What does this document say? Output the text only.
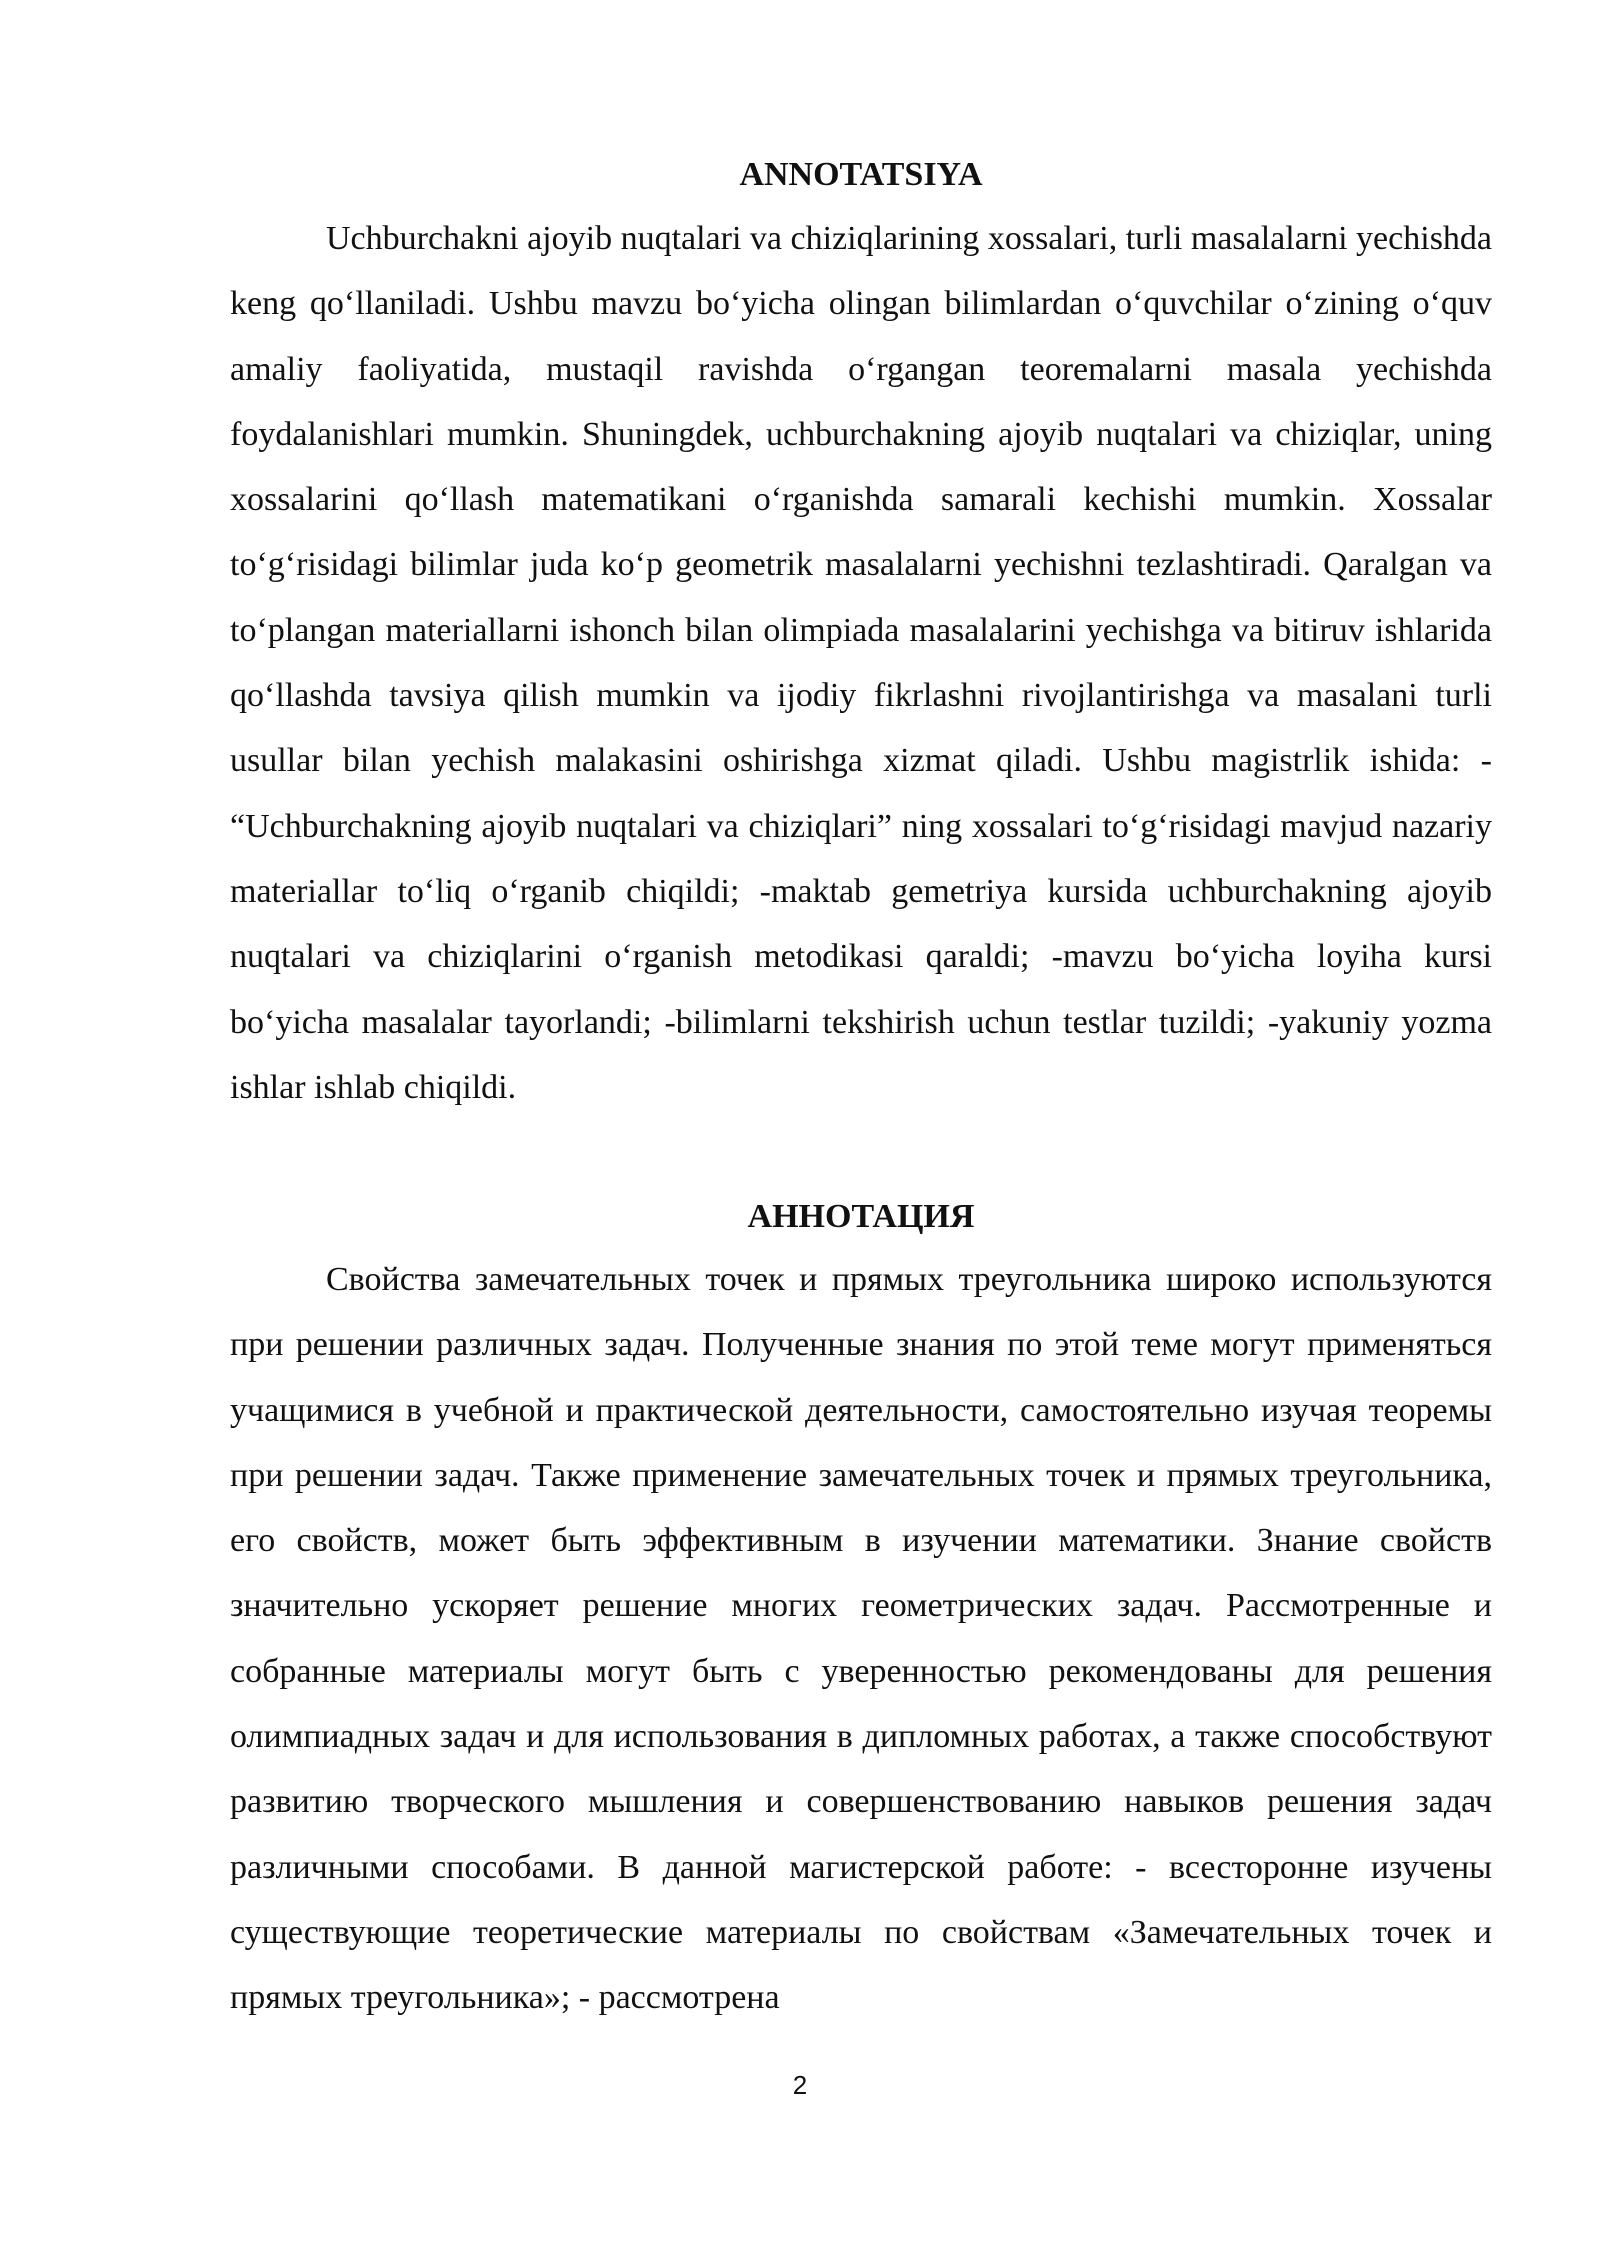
ANNOTATSIYA

Uchburchakni ajoyib nuqtalari va chiziqlarining xossalari, turli masalalarni yechishda keng qo‘llaniladi. Ushbu mavzu bo‘yicha olingan bilimlardan o‘quvchilar o‘zining o‘quv amaliy faoliyatida, mustaqil ravishda o‘rgangan teoremalarni masala yechishda foydalanishlari mumkin. Shuningdek, uchburchakning ajoyib nuqtalari va chiziqlar, uning xossalarini qo‘llash matematikani o‘rganishda samarali kechishi mumkin. Xossalar to‘g‘risidagi bilimlar juda ko‘p geometrik masalalarni yechishni tezlashtiradi. Qaralgan va to‘plangan materiallarni ishonch bilan olimpiada masalalarini yechishga va bitiruv ishlarida qo‘llashda tavsiya qilish mumkin va ijodiy fikrlashni rivojlantirishga va masalani turli usullar bilan yechish malakasini oshirishga xizmat qiladi. Ushbu magistrlik ishida: - “Uchburchakning ajoyib nuqtalari va chiziqlari” ning xossalari to‘g‘risidagi mavjud nazariy materiallar to‘liq o‘rganib chiqildi; -maktab gemetriya kursida uchburchakning ajoyib nuqtalari va chiziqlarini o‘rganish metodikasi qaraldi; -mavzu bo‘yicha loyiha kursi bo‘yicha masalalar tayorlandi; -bilimlarni tekshirish uchun testlar tuzildi; -yakuniy yozma ishlar ishlab chiqildi.

АННОТАЦИЯ

Свойства замечательных точек и прямых треугольника широко используются при решении различных задач. Полученные знания по этой теме могут применяться учащимися в учебной и практической деятельности, самостоятельно изучая теоремы при решении задач. Также применение замечательных точек и прямых треугольника, его свойств, может быть эффективным в изучении математики. Знание свойств значительно ускоряет решение многих геометрических задач. Рассмотренные и собранные материалы могут быть с уверенностью рекомендованы для решения олимпиадных задач и для использования в дипломных работах, а также способствуют развитию творческого мышления и совершенствованию навыков решения задач различными способами. В данной магистерской работе: - всесторонне изучены существующие теоретические материалы по свойствам «Замечательных точек и прямых треугольника»; - рассмотрена

2
